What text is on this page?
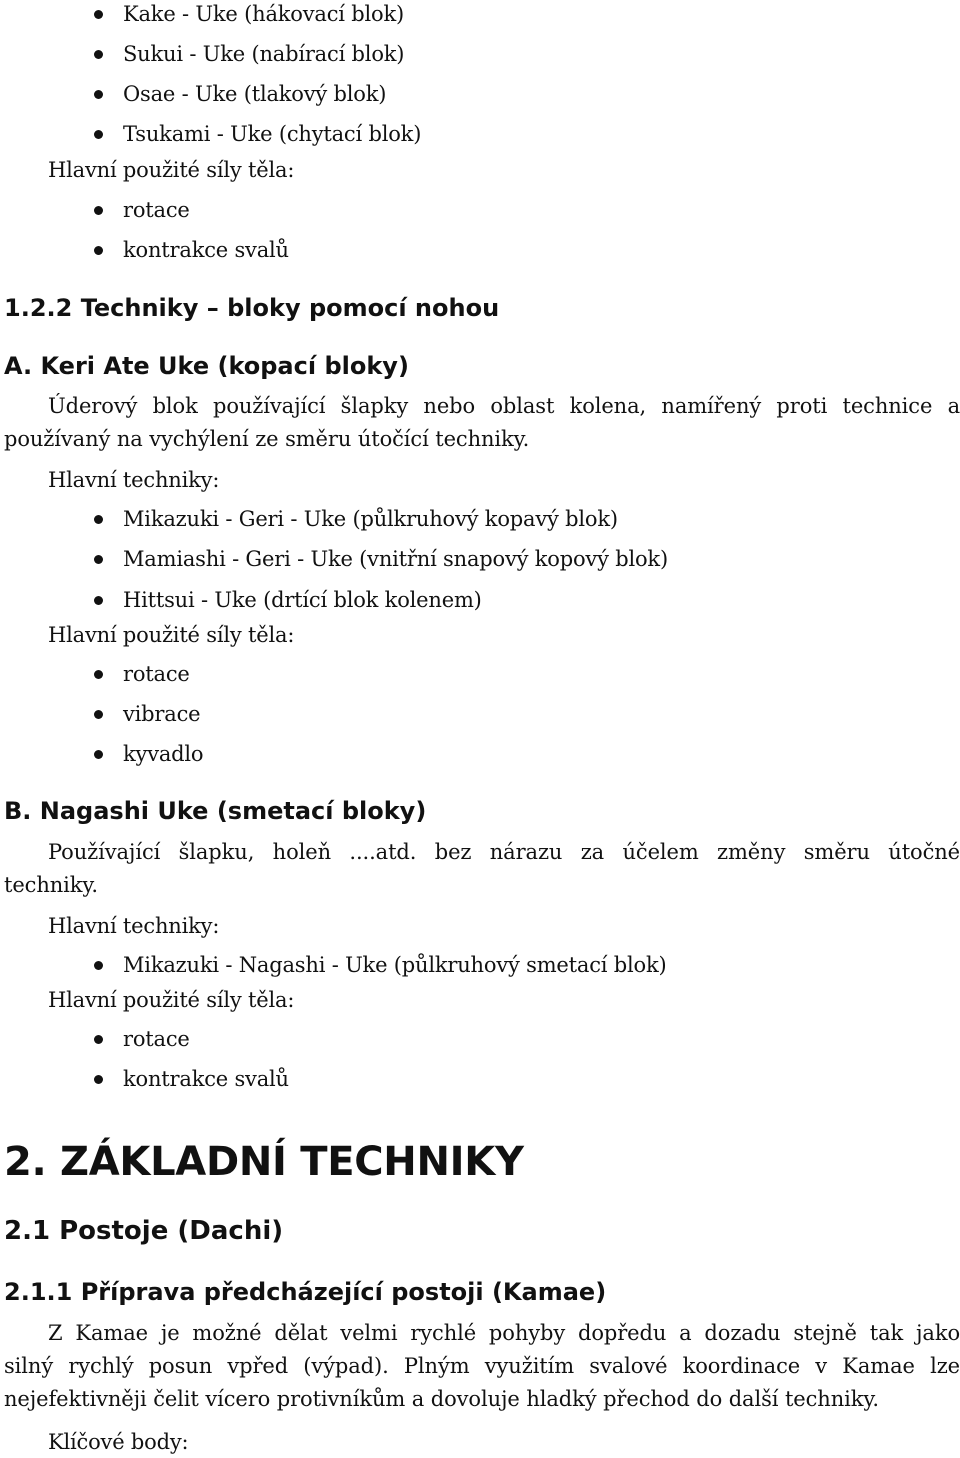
Kake - Uke (hákovací blok)
Sukui - Uke (nabírací blok)
Osae - Uke (tlakový blok)
Tsukami - Uke (chytací blok)
Hlavní použité síly těla:
rotace
kontrakce svalů
1.2.2 Techniky – bloky pomocí nohou
A. Keri Ate Uke (kopací bloky)
Úderový blok používající šlapky nebo oblast kolena, namířený proti technice a
používaný na vychýlení ze směru útočící techniky.
Hlavní techniky:
Mikazuki - Geri - Uke (půlkruhový kopavý blok)
Mamiashi - Geri - Uke (vnitřní snapový kopový blok)
Hittsui - Uke (drtící blok kolenem)
Hlavní použité síly těla:
rotace
vibrace
kyvadlo
B. Nagashi Uke (smetací bloky)
Používající šlapku, holeň ....atd. bez nárazu za účelem změny směru útočné
techniky.
Hlavní techniky:
Mikazuki - Nagashi - Uke (půlkruhový smetací blok)
Hlavní použité síly těla:
rotace
kontrakce svalů
2. ZÁKLADNÍ TECHNIKY
2.1 Postoje (Dachi)
2.1.1 Příprava předcházející postoji (Kamae)
Z Kamae je možné dělat velmi rychlé pohyby dopředu a dozadu stejně tak jako
silný rychlý posun vpřed (výpad). Plným využitím svalové koordinace v Kamae lze
nejefektivněji čelit vícero protivníkům a dovoluje hladký přechod do další techniky.
Klíčové body:
